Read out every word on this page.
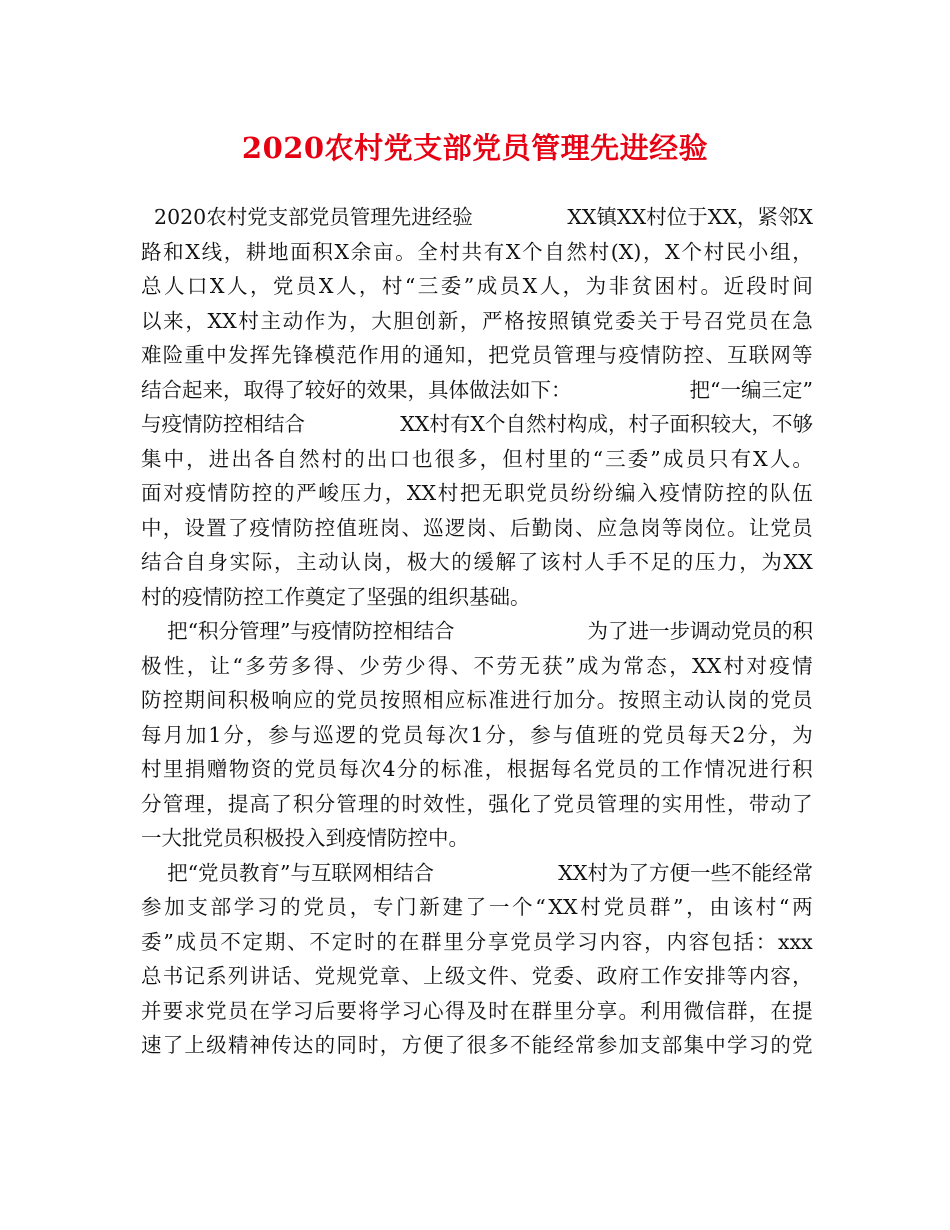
2020农村党支部党员管理先进经验
2020农村党支部党员管理先进经验	XX镇XX村位于XX，紧邻X
路 和 X 线 ， 耕 地 面 积 X 余 亩 。 全 村 共 有 X 个 自 然 村 (X) ， X 个 村 民 小 组 ，
总 人 口 X 人 ， 党 员 X 人 ， 村 “ 三 委 ” 成 员 X 人 ， 为 非 贫 困 村 。 近 段 时 间
以 来 ， XX 村 主 动 作 为 ， 大 胆 创 新 ， 严 格 按 照 镇 党 委 关 于 号 召 党 员 在 急
难 险 重 中 发 挥 先 锋 模 范 作 用 的 通 知 ， 把 党 员 管 理 与 疫 情 防 控 、 互 联 网 等
结合起来，取得了较好的效果，具体做法如下：	把“一编三定”
与疫情防控相结合	XX村有X个自然村构成，村子面积较大，不够
集 中 ， 进 出 各 自 然 村 的 出 口 也 很 多 ， 但 村 里 的 “ 三 委 ” 成 员 只 有 X 人 。
面 对 疫 情 防 控 的 严 峻 压 力 ， XX 村 把 无 职 党 员 纷 纷 编 入 疫 情 防 控 的 队 伍
中 ， 设 置 了 疫 情 防 控 值 班 岗 、 巡 逻 岗 、 后 勤 岗 、 应 急 岗 等 岗 位 。 让 党 员
结 合 自 身 实 际 ， 主 动 认 岗 ， 极 大 的 缓 解 了 该 村 人 手 不 足 的 压 力 ， 为 XX
村的疫情防控工作奠定了坚强的组织基础。
把“积分管理”与疫情防控相结合	为了进一步调动党员的积
极 性 ， 让 “ 多 劳 多 得 、 少 劳 少 得 、 不 劳 无 获 ” 成 为 常 态 ， XX 村 对 疫 情
防 控 期 间 积 极 响 应 的 党 员 按 照 相 应 标 准 进 行 加 分 。 按 照 主 动 认 岗 的 党 员
每 月 加 1 分 ， 参 与 巡 逻 的 党 员 每 次 1 分 ， 参 与 值 班 的 党 员 每 天 2 分 ， 为
村 里 捐 赠 物 资 的 党 员 每 次 4 分 的 标 准 ， 根 据 每 名 党 员 的 工 作 情 况 进 行 积
分 管 理 ， 提 高 了 积 分 管 理 的 时 效 性 ， 强 化 了 党 员 管 理 的 实 用 性 ， 带 动 了
一大批党员积极投入到疫情防控中。
把“党员教育”与互联网相结合	XX村为了方便一些不能经常
参 加 支 部 学 习 的 党 员 ， 专 门 新 建 了 一 个 “ XX 村 党 员 群 ” ， 由 该 村 “ 两
委 ” 成 员 不 定 期 、 不 定 时 的 在 群 里 分 享 党 员 学 习 内 容 ， 内 容 包 括 ： xxx
总 书 记 系 列 讲 话 、 党 规 党 章 、 上 级 文 件 、 党 委 、 政 府 工 作 安 排 等 内 容 ，
并 要 求 党 员 在 学 习 后 要 将 学 习 心 得 及 时 在 群 里 分 享 。 利 用 微 信 群 ， 在 提
速 了 上 级 精 神 传 达 的 同 时 ， 方 便 了 很 多 不 能 经 常 参 加 支 部 集 中 学 习 的 党
